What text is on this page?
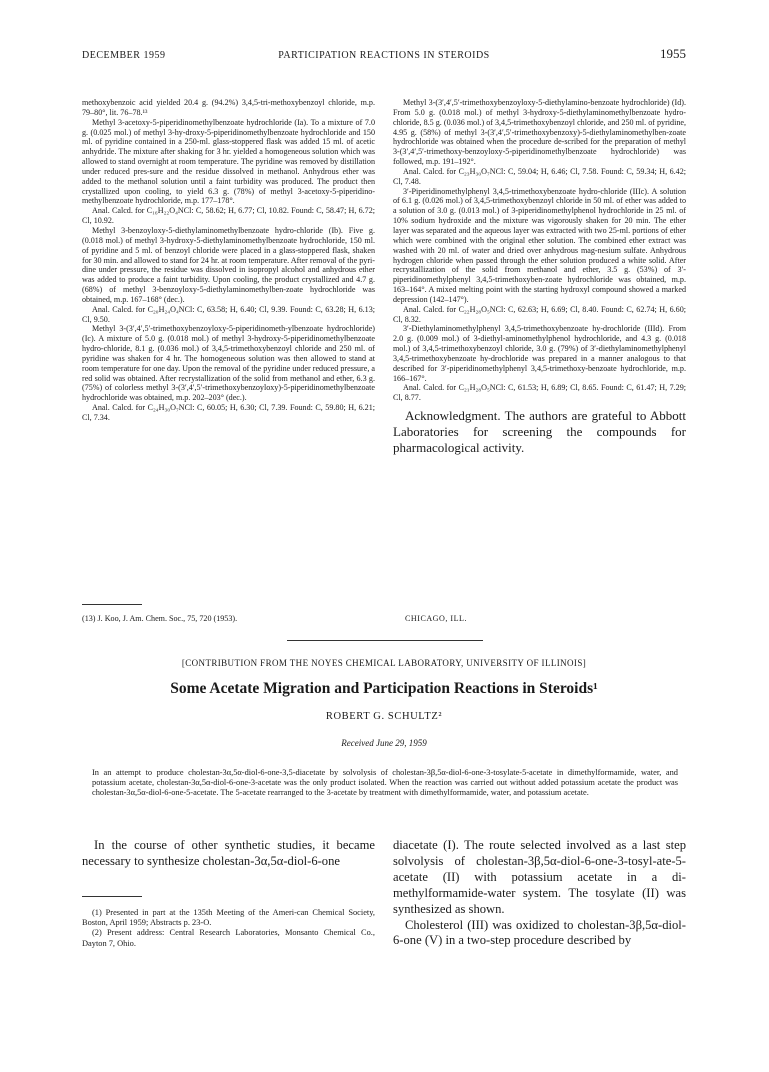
DECEMBER 1959	PARTICIPATION REACTIONS IN STEROIDS	1955

methoxybenzoic acid yielded 20.4 g. (94.2%) 3,4,5-tri-methoxybenzoyl chloride, m.p. 79–80°, lit. 76–78.¹³

Methyl 3-acetoxy-5-piperidinomethylbenzoate hydrochloride (Ia). To a mixture of 7.0 g. (0.025 mol.) of methyl 3-hy-droxy-5-piperidinomethylbenzoate hydrochloride and 150 ml. of pyridine contained in a 250-ml. glass-stoppered flask was added 15 ml. of acetic anhydride. The mixture after shaking for 3 hr. yielded a homogeneous solution which was allowed to stand overnight at room temperature. The pyridine was removed by distillation under reduced pres-sure and the residue dissolved in methanol. Anhydrous ether was added to the methanol solution until a faint turbidity was produced. The product then crystallized upon cooling, to yield 6.3 g. (78%) of methyl 3-acetoxy-5-piperidino-methylbenzoate hydrochloride, m.p. 177–178°.

Anal. Calcd. for C₁₆H₂₂O₄NCl: C, 58.62; H, 6.77; Cl, 10.82. Found: C, 58.47; H, 6.72; Cl, 10.92.

Methyl 3-benzoyloxy-5-diethylaminomethylbenzoate hydro-chloride (Ib). Five g. (0.018 mol.) of methyl 3-hydroxy-5-diethylaminomethylbenzoate hydrochloride, 150 ml. of pyridine and 5 ml. of benzoyl chloride were placed in a glass-stoppered flask, shaken for 30 min. and allowed to stand for 24 hr. at room temperature. After removal of the pyri-dine under pressure, the residue was dissolved in isopropyl alcohol and anhydrous ether was added to produce a faint turbidity. Upon cooling, the product crystallized and 4.7 g. (68%) of methyl 3-benzoyloxy-5-diethylaminomethylben-zoate hydrochloride was obtained, m.p. 167–168° (dec.).

Anal. Calcd. for C₂₀H₂₄O₄NCl: C, 63.58; H, 6.40; Cl, 9.39. Found: C, 63.28; H, 6.13; Cl, 9.50.

Methyl 3-(3′,4′,5′-trimethoxybenzoyloxy-5-piperidinometh-ylbenzoate hydrochloride) (Ic). A mixture of 5.0 g. (0.018 mol.) of methyl 3-hydroxy-5-piperidinomethylbenzoate hydro-chloride, 8.1 g. (0.036 mol.) of 3,4,5-trimethoxybenzoyl chloride and 250 ml. of pyridine was shaken for 4 hr. The homogeneous solution was then allowed to stand at room temperature for one day. Upon the removal of the pyridine under reduced pressure, a red solid was obtained. After recrystallization of the solid from methanol and ether, 6.3 g. (75%) of colorless methyl 3-(3′,4′,5′-trimethoxybenzoyloxy)-5-piperidinomethylbenzoate hydrochloride was obtained, m.p. 202–203° (dec.).

Anal. Calcd. for C₂₄H₃₀O₇NCl: C, 60.05; H, 6.30; Cl, 7.39. Found: C, 59.80; H, 6.21; Cl, 7.34.

Methyl 3-(3′,4′,5′-trimethoxybenzoyloxy-5-diethylamino-benzoate hydrochloride) (Id). From 5.0 g. (0.018 mol.) of methyl 3-hydroxy-5-diethylaminomethylbenzoate hydro-chloride, 8.5 g. (0.036 mol.) of 3,4,5-trimethoxybenzoyl chloride, and 250 ml. of pyridine, 4.95 g. (58%) of methyl 3-(3′,4′,5′-trimethoxybenzoxy)-5-diethylaminomethylben-zoate hydrochloride was obtained when the procedure de-scribed for the preparation of methyl 3-(3′,4′,5′-trimethoxy-benzoyloxy-5-piperidinomethylbenzoate hydrochloride) was followed, m.p. 191–192°.

Anal. Calcd. for C₂₃H₃₀O₇NCl: C, 59.04; H, 6.46; Cl, 7.58. Found: C, 59.34; H, 6.42; Cl, 7.48.

3′-Piperidinomethylphenyl 3,4,5-trimethoxybenzoate hydro-chloride (IIIc). A solution of 6.1 g. (0.026 mol.) of 3,4,5-trimethoxybenzoyl chloride in 50 ml. of ether was added to a solution of 3.0 g. (0.013 mol.) of 3-piperidinomethylphenol hydrochloride in 25 ml. of 10% sodium hydroxide and the mixture was vigorously shaken for 20 min. The ether layer was separated and the aqueous layer was extracted with two 25-ml. portions of ether which were combined with the original ether solution. The combined ether extract was washed with 20 ml. of water and dried over anhydrous mag-nesium sulfate. Anhydrous hydrogen chloride when passed through the ether solution produced a white solid. After recrystallization of the solid from methanol and ether, 3.5 g. (53%) of 3′-piperidinomethylphenyl 3,4,5-trimethoxyben-zoate hydrochloride was obtained, m.p. 163–164°. A mixed melting point with the starting hydroxyl compound showed a marked depression (142–147°).

Anal. Calcd. for C₂₂H₂₈O₅NCl: C, 62.63; H, 6.69; Cl, 8.40. Found: C, 62.74; H, 6.60; Cl, 8.32.

3′-Diethylaminomethylphenyl 3,4,5-trimethoxybenzoate hy-drochloride (IIId). From 2.0 g. (0.009 mol.) of 3-diethyl-aminomethylphenol hydrochloride, and 4.3 g. (0.018 mol.) of 3,4,5-trimethoxybenzoyl chloride, 3.0 g. (79%) of 3′-diethylaminomethylphenyl 3,4,5-trimethoxybenzoate hy-drochloride was prepared in a manner analogous to that described for 3′-piperidinomethylphenyl 3,4,5-trimethoxy-benzoate hydrochloride, m.p. 166–167°.

Anal. Calcd. for C₂₁H₂₈O₅NCl: C, 61.53; H, 6.89; Cl, 8.65. Found: C, 61.47; H, 7.29; Cl, 8.77.

Acknowledgment. The authors are grateful to Abbott Laboratories for screening the compounds for pharmacological activity.

(13) J. Koo, J. Am. Chem. Soc., 75, 720 (1953).	CHICAGO, ILL.
[CONTRIBUTION FROM THE NOYES CHEMICAL LABORATORY, UNIVERSITY OF ILLINOIS]
Some Acetate Migration and Participation Reactions in Steroids¹
ROBERT G. SCHULTZ²
Received June 29, 1959
In an attempt to produce cholestan-3α,5α-diol-6-one-3,5-diacetate by solvolysis of cholestan-3β,5α-diol-6-one-3-tosylate-5-acetate in dimethylformamide, water, and potassium acetate, cholestan-3α,5α-diol-6-one-3-acetate was the only product isolated. When the reaction was carried out without added potassium acetate the product was cholestan-3α,5α-diol-6-one-5-acetate. The 5-acetate rearranged to the 3-acetate by treatment with dimethylformamide, water, and potassium acetate.

In the course of other synthetic studies, it became necessary to synthesize cholestan-3α,5α-diol-6-one

(1) Presented in part at the 135th Meeting of the Ameri-can Chemical Society, Boston, April 1959; Abstracts p. 23-O.

(2) Present address: Central Research Laboratories, Monsanto Chemical Co., Dayton 7, Ohio.

diacetate (I). The route selected involved as a last step solvolysis of cholestan-3β,5α-diol-6-one-3-tosyl-ate-5-acetate (II) with potassium acetate in a di-methylformamide-water system. The tosylate (II) was synthesized as shown.

Cholesterol (III) was oxidized to cholestan-3β,5α-diol-6-one (V) in a two-step procedure described by
